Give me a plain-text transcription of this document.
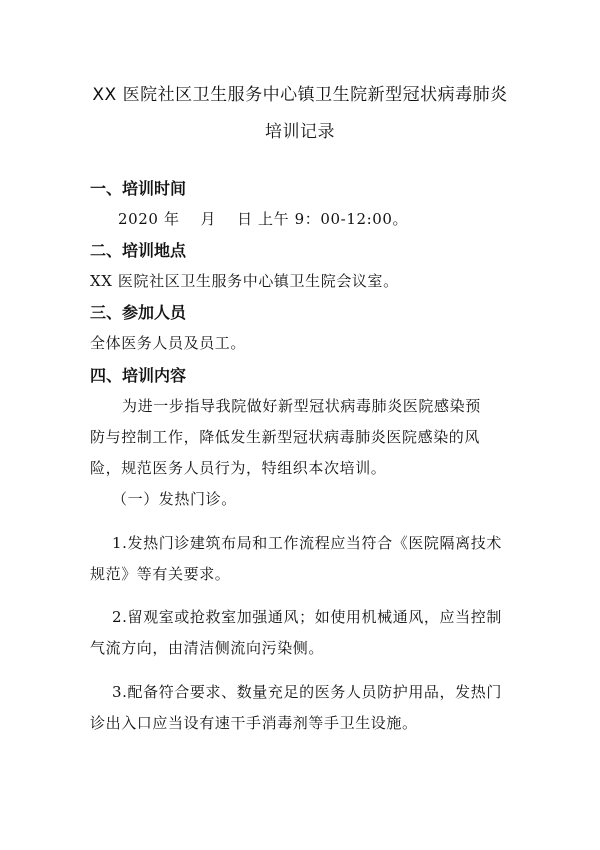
XX 医院社区卫生服务中心镇卫生院新型冠状病毒肺炎
培训记录
一、培训时间

2020 年　 月　 日 上午 9：00-12:00。

二、培训地点

XX 医院社区卫生服务中心镇卫生院会议室。

三、参加人员

全体医务人员及员工。

四、培训内容

为进一步指导我院做好新型冠状病毒肺炎医院感染预

防与控制工作，降低发生新型冠状病毒肺炎医院感染的风

险，规范医务人员行为，特组织本次培训。

（一）发热门诊。

1.发热门诊建筑布局和工作流程应当符合《医院隔离技术

规范》等有关要求。

2.留观室或抢救室加强通风；如使用机械通风，应当控制

气流方向，由清洁侧流向污染侧。

3.配备符合要求、数量充足的医务人员防护用品，发热门

诊出入口应当设有速干手消毒剂等手卫生设施。
